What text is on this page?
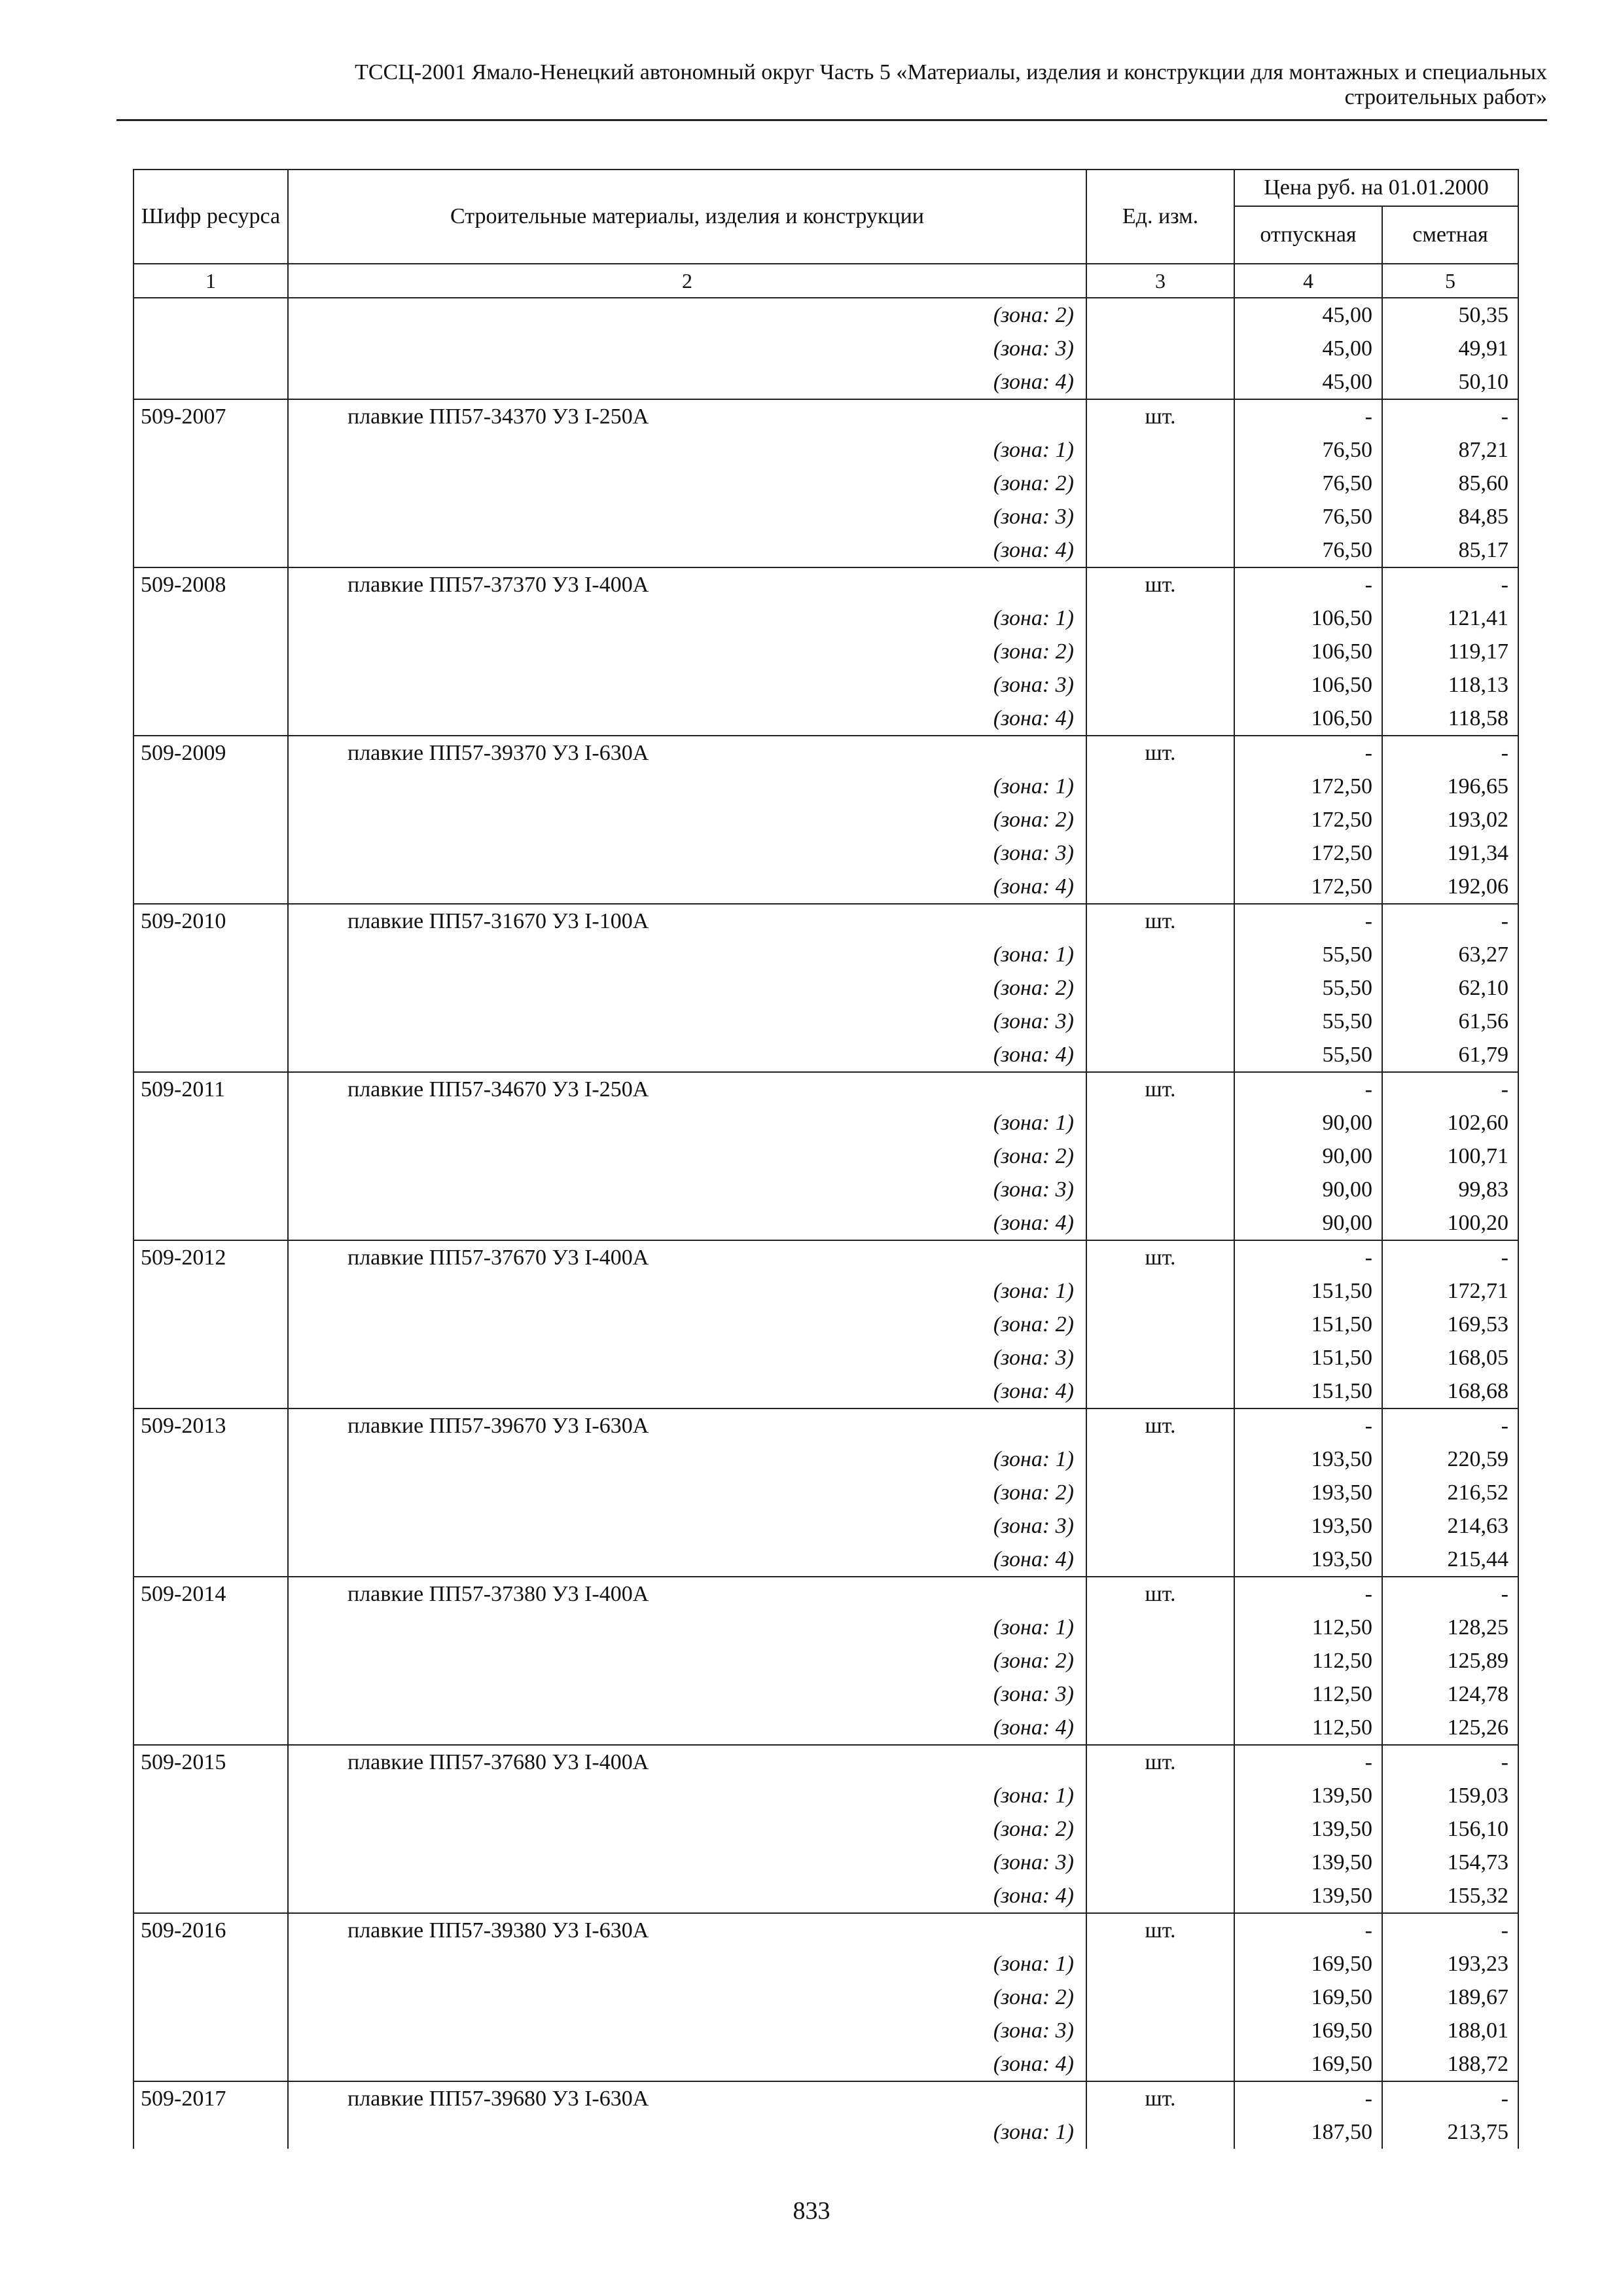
ТССЦ-2001 Ямало-Ненецкий автономный округ Часть 5 «Материалы, изделия и конструкции для монтажных и специальных
строительных работ»
Шифр ресурса	Строительные материалы, изделия и конструкции	Ед. изм.	Цена руб. на 01.01.2000	
			отпускная	сметная
1	2	3	4	5
	(зона: 2)		45,00	50,35
	(зона: 3)		45,00	49,91
	(зона: 4)		45,00	50,10
509-2007	плавкие ПП57-34370 У3 I-250А	шт.	-	-
	(зона: 1)		76,50	87,21
	(зона: 2)		76,50	85,60
	(зона: 3)		76,50	84,85
	(зона: 4)		76,50	85,17
509-2008	плавкие ПП57-37370 У3 I-400А	шт.	-	-
	(зона: 1)		106,50	121,41
	(зона: 2)		106,50	119,17
	(зона: 3)		106,50	118,13
	(зона: 4)		106,50	118,58
509-2009	плавкие ПП57-39370 У3 I-630А	шт.	-	-
	(зона: 1)		172,50	196,65
	(зона: 2)		172,50	193,02
	(зона: 3)		172,50	191,34
	(зона: 4)		172,50	192,06
509-2010	плавкие ПП57-31670 У3 I-100А	шт.	-	-
	(зона: 1)		55,50	63,27
	(зона: 2)		55,50	62,10
	(зона: 3)		55,50	61,56
	(зона: 4)		55,50	61,79
509-2011	плавкие ПП57-34670 У3 I-250А	шт.	-	-
	(зона: 1)		90,00	102,60
	(зона: 2)		90,00	100,71
	(зона: 3)		90,00	99,83
	(зона: 4)		90,00	100,20
509-2012	плавкие ПП57-37670 У3 I-400А	шт.	-	-
	(зона: 1)		151,50	172,71
	(зона: 2)		151,50	169,53
	(зона: 3)		151,50	168,05
	(зона: 4)		151,50	168,68
509-2013	плавкие ПП57-39670 У3 I-630А	шт.	-	-
	(зона: 1)		193,50	220,59
	(зона: 2)		193,50	216,52
	(зона: 3)		193,50	214,63
	(зона: 4)		193,50	215,44
509-2014	плавкие ПП57-37380 У3 I-400А	шт.	-	-
	(зона: 1)		112,50	128,25
	(зона: 2)		112,50	125,89
	(зона: 3)		112,50	124,78
	(зона: 4)		112,50	125,26
509-2015	плавкие ПП57-37680 У3 I-400А	шт.	-	-
	(зона: 1)		139,50	159,03
	(зона: 2)		139,50	156,10
	(зона: 3)		139,50	154,73
	(зона: 4)		139,50	155,32
509-2016	плавкие ПП57-39380 У3 I-630А	шт.	-	-
	(зона: 1)		169,50	193,23
	(зона: 2)		169,50	189,67
	(зона: 3)		169,50	188,01
	(зона: 4)		169,50	188,72
509-2017	плавкие ПП57-39680 У3 I-630А	шт.	-	-
	(зона: 1)		187,50	213,75
833
